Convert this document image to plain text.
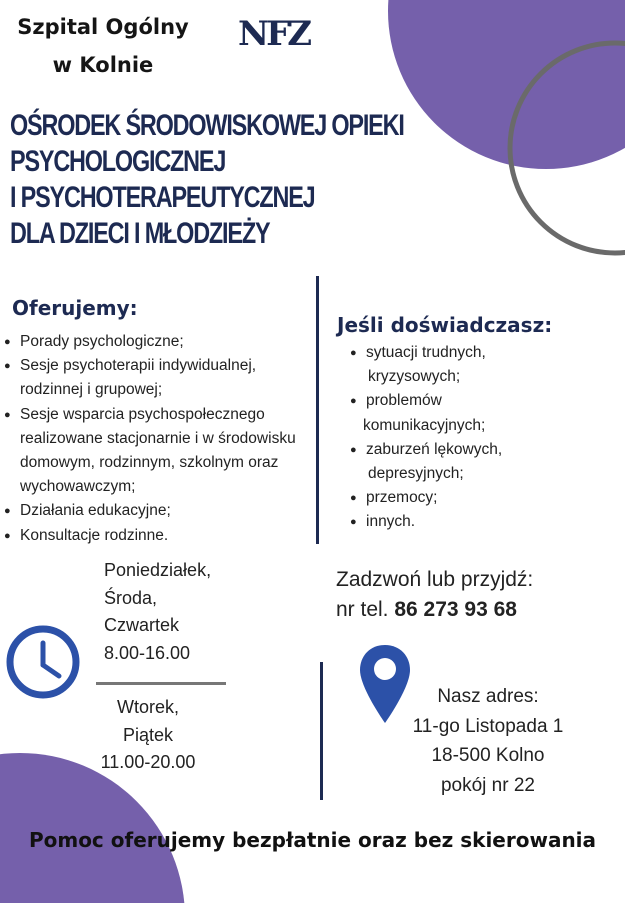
Szpital Ogólny
w Kolnie
NFZ
OŚRODEK ŚRODOWISKOWEJ OPIEKI
PSYCHOLOGICZNEJ
I PSYCHOTERAPEUTYCZNEJ
DLA DZIECI I MŁODZIEŻY
Oferujemy:
● Porady psychologiczne;
● Sesje psychoterapii indywidualnej, rodzinnej i grupowej;
● Sesje wsparcia psychospołecznego realizowane stacjonarnie i w środowisku domowym, rodzinnym, szkolnym oraz wychowawczym;
● Działania edukacyjne;
● Konsultacje rodzinne.
Jeśli doświadczasz:
● sytuacji trudnych,
kryzysowych;
● problemów
komunikacyjnych;
● zaburzeń lękowych,
depresyjnych;
● przemocy;
● innych.
Zadzwoń lub przyjdź:
nr tel. 86 273 93 68
Poniedziałek,
Środa,
Czwartek
8.00-16.00
Wtorek,
Piątek
11.00-20.00
Nasz adres:
11-go Listopada 1
18-500 Kolno
pokój nr 22
Pomoc oferujemy bezpłatnie oraz bez skierowania
